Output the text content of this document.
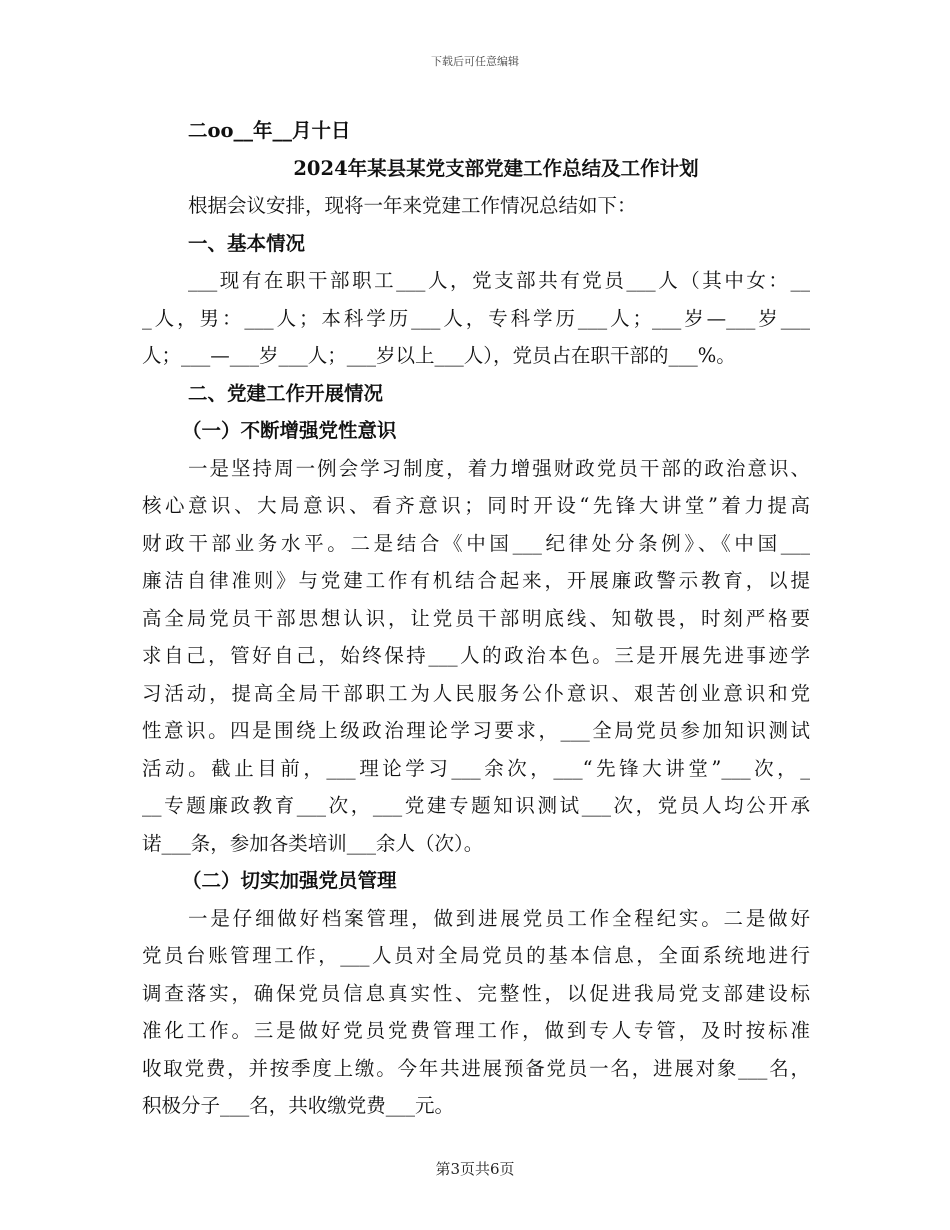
下载后可任意编辑
二oo__年__月十日
2024年某县某党支部党建工作总结及工作计划
根据会议安排，现将一年来党建工作情况总结如下：
一、基本情况
___现有在职干部职工___人，党支部共有党员___人（其中女：__
_人，男：___人；本科学历___人，专科学历___人；___岁—___岁___
人；___—___岁___人；___岁以上___人），党员占在职干部的___%。
二、党建工作开展情况
（一）不断增强党性意识
一是坚持周一例会学习制度，着力增强财政党员干部的政治意识、
核心意识、大局意识、看齐意识；同时开设“先锋大讲堂”着力提高
财政干部业务水平。二是结合《中国___纪律处分条例》、《中国___
廉洁自律准则》与党建工作有机结合起来，开展廉政警示教育，以提
高全局党员干部思想认识，让党员干部明底线、知敬畏，时刻严格要
求自己，管好自己，始终保持___人的政治本色。三是开展先进事迹学
习活动，提高全局干部职工为人民服务公仆意识、艰苦创业意识和党
性意识。四是围绕上级政治理论学习要求，___全局党员参加知识测试
活动。截止目前，___理论学习___余次，___“先锋大讲堂”___次，_
__专题廉政教育___次，___党建专题知识测试___次，党员人均公开承
诺___条，参加各类培训___余人（次）。
（二）切实加强党员管理
一是仔细做好档案管理，做到进展党员工作全程纪实。二是做好
党员台账管理工作，___人员对全局党员的基本信息，全面系统地进行
调查落实，确保党员信息真实性、完整性，以促进我局党支部建设标
准化工作。三是做好党员党费管理工作，做到专人专管，及时按标准
收取党费，并按季度上缴。今年共进展预备党员一名，进展对象___名，
积极分子___名，共收缴党费___元。
第3页共6页
